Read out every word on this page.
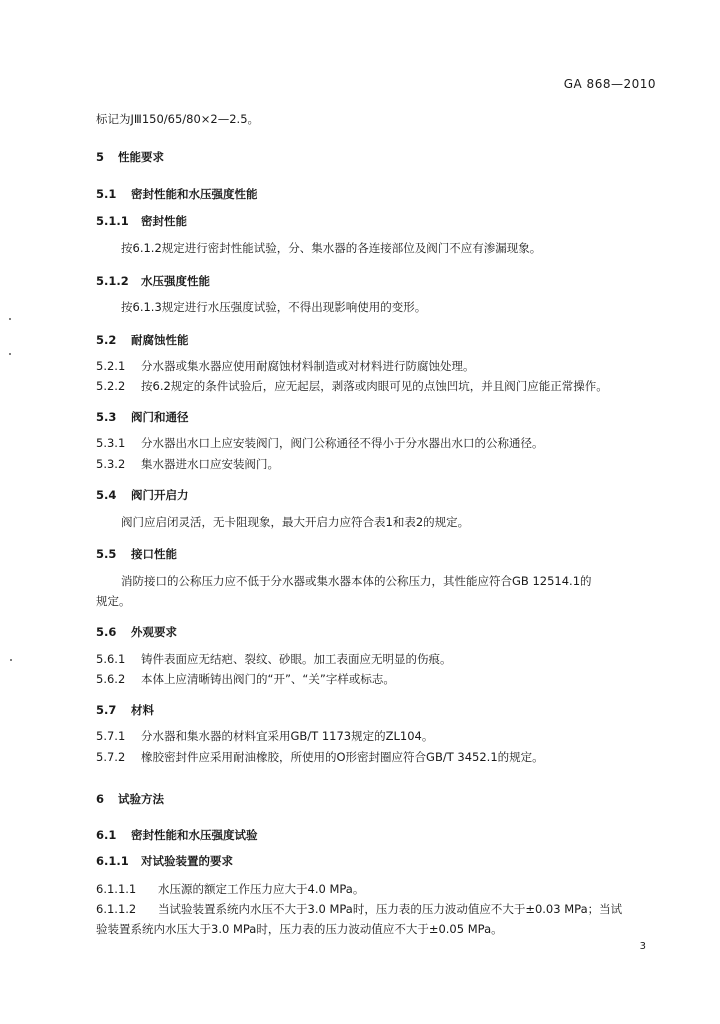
GA 868—2010
标记为JⅢ150/65/80×2—2.5。
5 性能要求
5.1 密封性能和水压强度性能
5.1.1 密封性能
按6.1.2规定进行密封性能试验，分、集水器的各连接部位及阀门不应有渗漏现象。
5.1.2 水压强度性能
按6.1.3规定进行水压强度试验，不得出现影响使用的变形。
5.2 耐腐蚀性能
5.2.1 分水器或集水器应使用耐腐蚀材料制造或对材料进行防腐蚀处理。
5.2.2 按6.2规定的条件试验后，应无起层，剥落或肉眼可见的点蚀凹坑，并且阀门应能正常操作。
5.3 阀门和通径
5.3.1 分水器出水口上应安装阀门，阀门公称通径不得小于分水器出水口的公称通径。
5.3.2 集水器进水口应安装阀门。
5.4 阀门开启力
阀门应启闭灵活，无卡阻现象，最大开启力应符合表1和表2的规定。
5.5 接口性能
消防接口的公称压力应不低于分水器或集水器本体的公称压力，其性能应符合GB 12514.1的
规定。
5.6 外观要求
5.6.1 铸件表面应无结疤、裂纹、砂眼。加工表面应无明显的伤痕。
5.6.2 本体上应清晰铸出阀门的“开”、“关”字样或标志。
5.7 材料
5.7.1 分水器和集水器的材料宜采用GB/T 1173规定的ZL104。
5.7.2 橡胶密封件应采用耐油橡胶，所使用的O形密封圈应符合GB/T 3452.1的规定。
6 试验方法
6.1 密封性能和水压强度试验
6.1.1 对试验装置的要求
6.1.1.1 水压源的额定工作压力应大于4.0 MPa。
6.1.1.2 当试验装置系统内水压不大于3.0 MPa时，压力表的压力波动值应不大于±0.03 MPa；当试
验装置系统内水压大于3.0 MPa时，压力表的压力波动值应不大于±0.05 MPa。
3
